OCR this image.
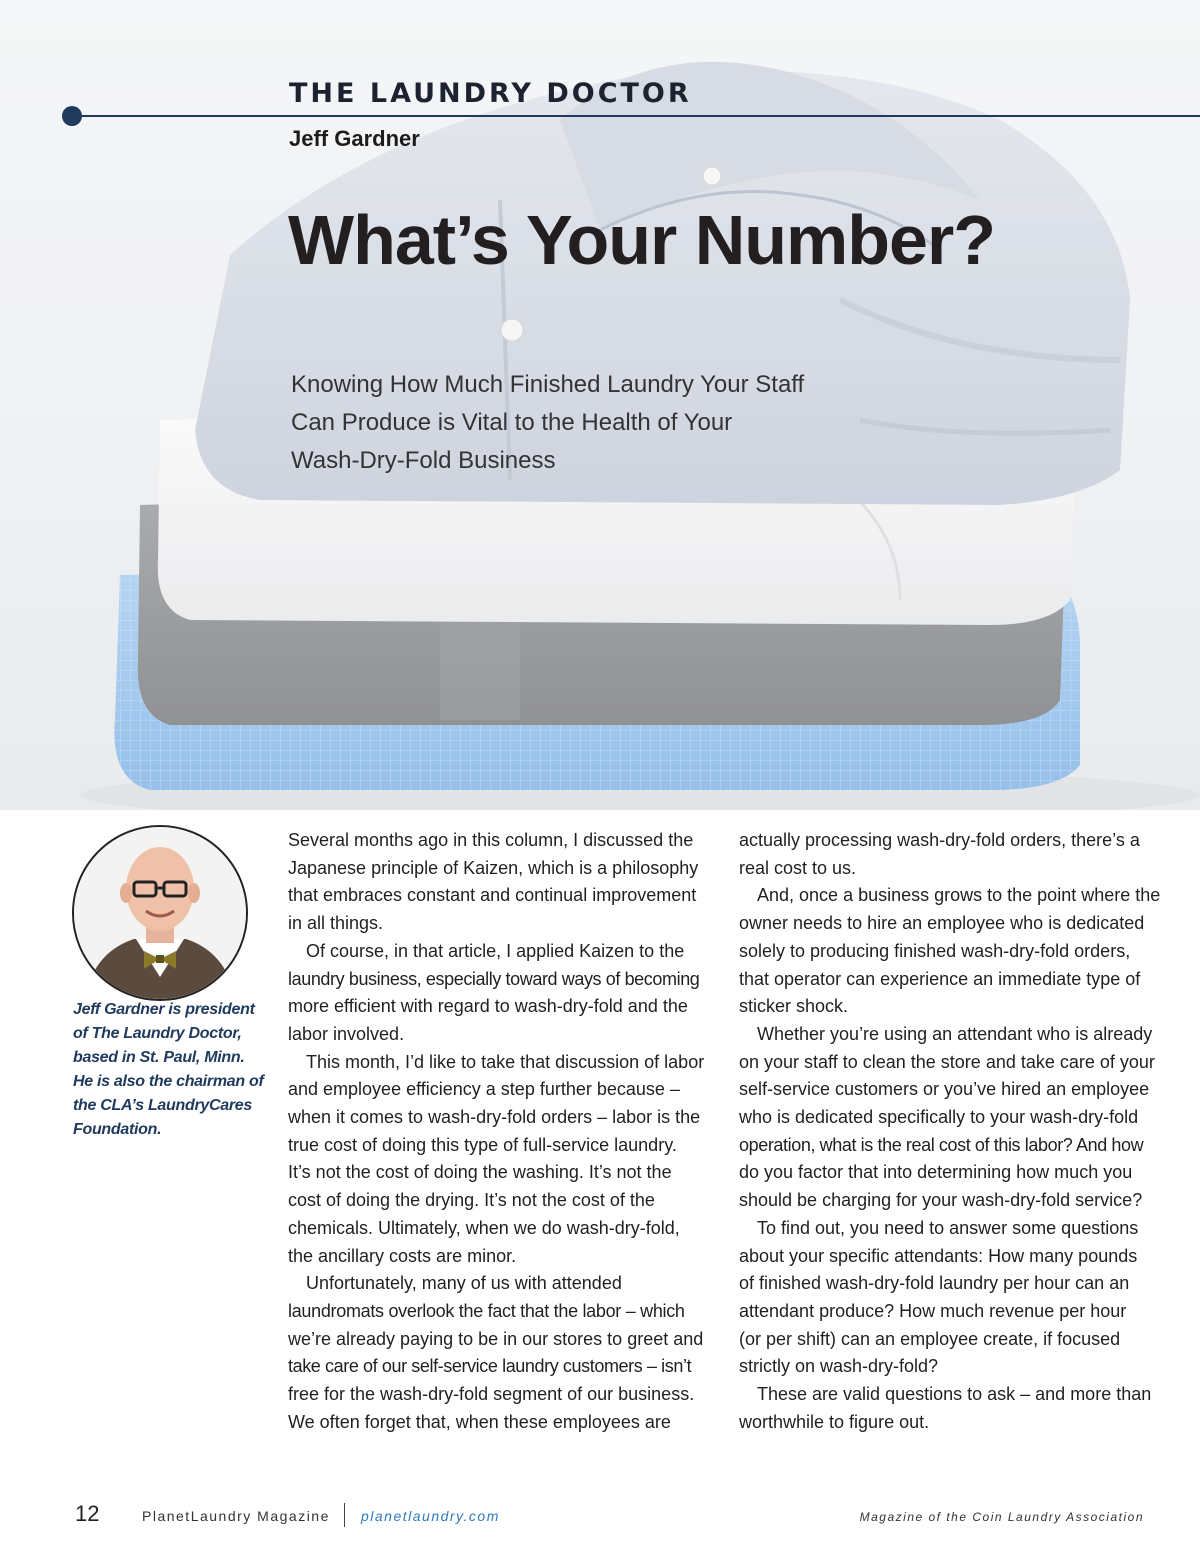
THE LAUNDRY DOCTOR
Jeff Gardner
What’s Your Number?
Knowing How Much Finished Laundry Your Staff
Can Produce is Vital to the Health of Your
Wash-Dry-Fold Business
Jeff Gardner is president
of The Laundry Doctor,
based in St. Paul, Minn.
He is also the chairman of
the CLA’s LaundryCares
Foundation.
Several months ago in this column, I discussed the
Japanese principle of Kaizen, which is a philosophy
that embraces constant and continual improvement
in all things.
Of course, in that article, I applied Kaizen to the
laundry business, especially toward ways of becoming
more efficient with regard to wash-dry-fold and the
labor involved.
This month, I’d like to take that discussion of labor
and employee efficiency a step further because –
when it comes to wash-dry-fold orders – labor is the
true cost of doing this type of full-service laundry.
It’s not the cost of doing the washing. It’s not the
cost of doing the drying. It’s not the cost of the
chemicals. Ultimately, when we do wash-dry-fold,
the ancillary costs are minor.
Unfortunately, many of us with attended
laundromats overlook the fact that the labor – which
we’re already paying to be in our stores to greet and
take care of our self-service laundry customers – isn’t
free for the wash-dry-fold segment of our business.
We often forget that, when these employees are
actually processing wash-dry-fold orders, there’s a
real cost to us.
And, once a business grows to the point where the
owner needs to hire an employee who is dedicated
solely to producing finished wash-dry-fold orders,
that operator can experience an immediate type of
sticker shock.
Whether you’re using an attendant who is already
on your staff to clean the store and take care of your
self-service customers or you’ve hired an employee
who is dedicated specifically to your wash-dry-fold
operation, what is the real cost of this labor? And how
do you factor that into determining how much you
should be charging for your wash-dry-fold service?
To find out, you need to answer some questions
about your specific attendants: How many pounds
of finished wash-dry-fold laundry per hour can an
attendant produce? How much revenue per hour
(or per shift) can an employee create, if focused
strictly on wash-dry-fold?
These are valid questions to ask – and more than
worthwhile to figure out.
12	PlanetLaundry Magazine planetlaundry.com	Magazine of the Coin Laundry Association
